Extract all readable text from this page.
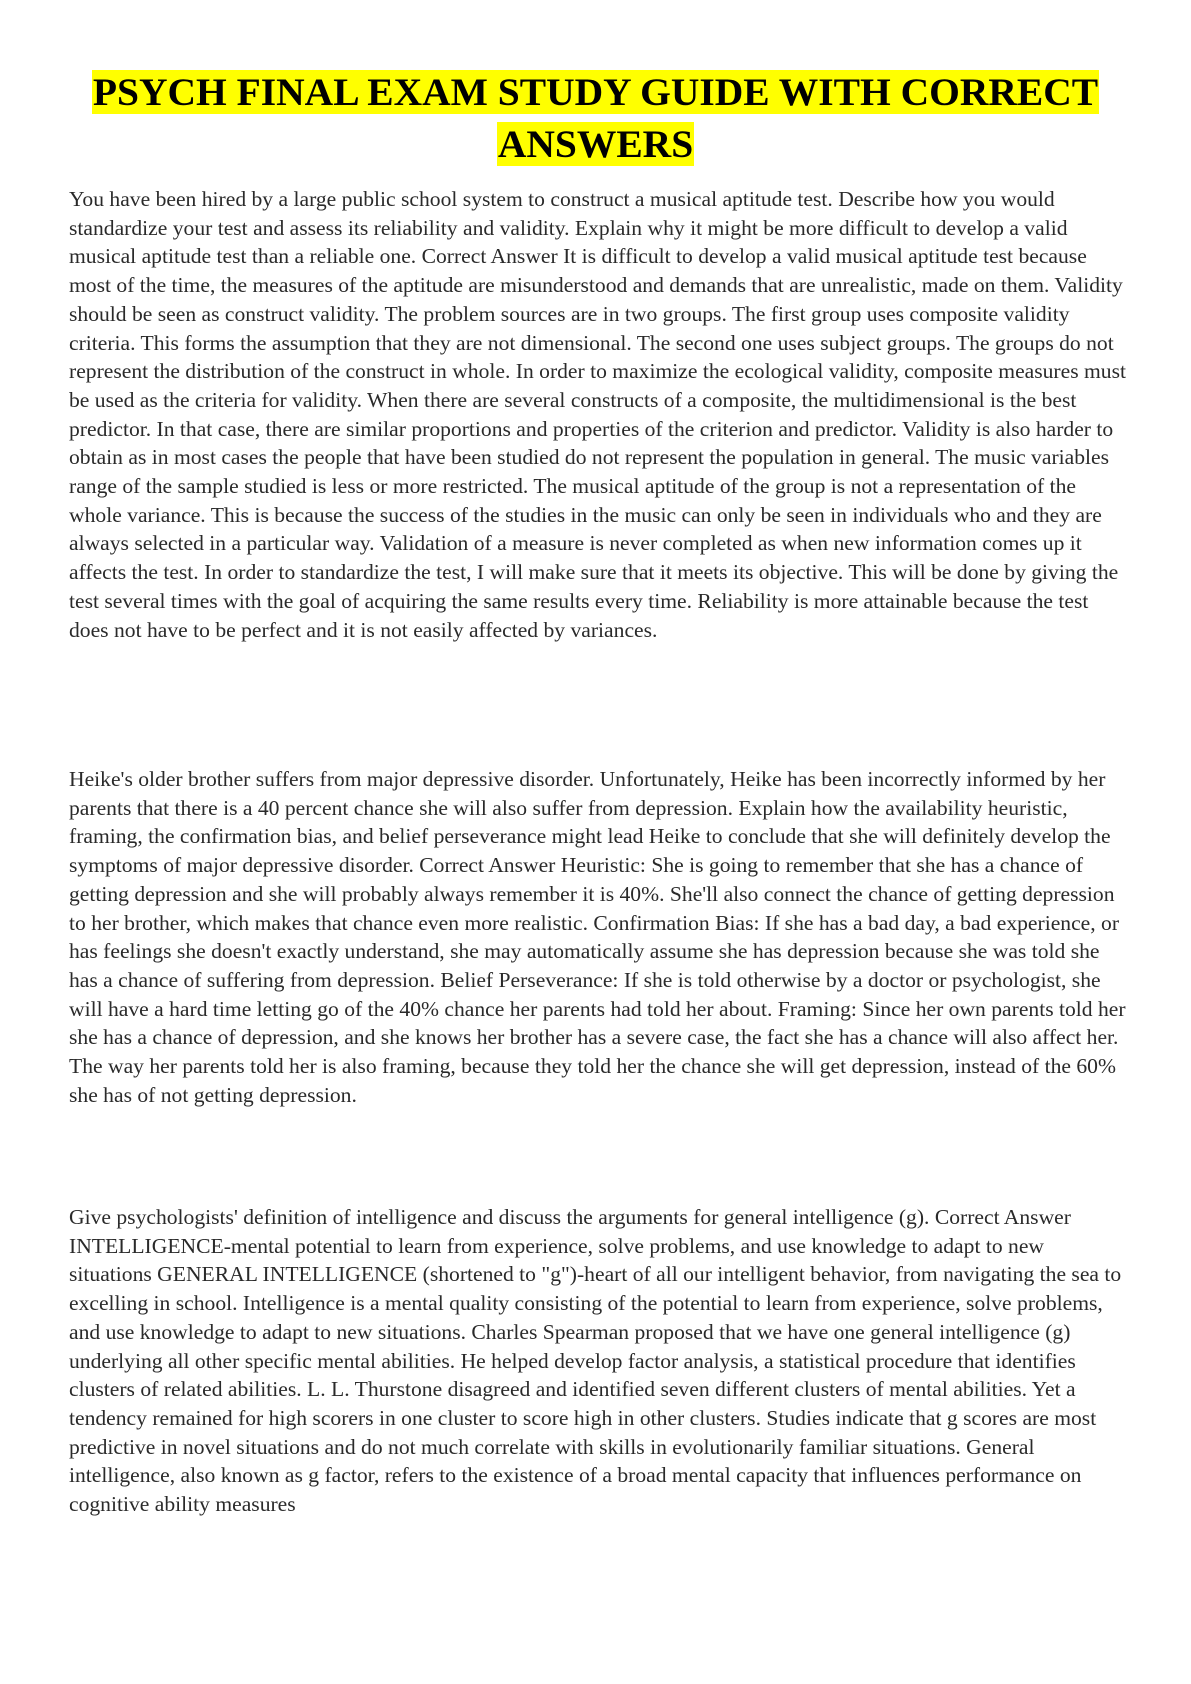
PSYCH FINAL EXAM STUDY GUIDE WITH CORRECT
ANSWERS

You have been hired by a large public school system to construct a musical aptitude test. Describe how you would standardize your test and assess its reliability and validity. Explain why it might be more difficult to develop a valid musical aptitude test than a reliable one. Correct Answer It is difficult to develop a valid musical aptitude test because most of the time, the measures of the aptitude are misunderstood and demands that are unrealistic, made on them. Validity should be seen as construct validity. The problem sources are in two groups. The first group uses composite validity criteria. This forms the assumption that they are not dimensional. The second one uses subject groups. The groups do not represent the distribution of the construct in whole. In order to maximize the ecological validity, composite measures must be used as the criteria for validity. When there are several constructs of a composite, the multidimensional is the best predictor. In that case, there are similar proportions and properties of the criterion and predictor. Validity is also harder to obtain as in most cases the people that have been studied do not represent the population in general. The music variables range of the sample studied is less or more restricted. The musical aptitude of the group is not a representation of the whole variance. This is because the success of the studies in the music can only be seen in individuals who and they are always selected in a particular way. Validation of a measure is never completed as when new information comes up it affects the test. In order to standardize the test, I will make sure that it meets its objective. This will be done by giving the test several times with the goal of acquiring the same results every time. Reliability is more attainable because the test does not have to be perfect and it is not easily affected by variances.

Heike's older brother suffers from major depressive disorder. Unfortunately, Heike has been incorrectly informed by her parents that there is a 40 percent chance she will also suffer from depression. Explain how the availability heuristic, framing, the confirmation bias, and belief perseverance might lead Heike to conclude that she will definitely develop the symptoms of major depressive disorder. Correct Answer Heuristic: She is going to remember that she has a chance of getting depression and she will probably always remember it is 40%. She'll also connect the chance of getting depression to her brother, which makes that chance even more realistic. Confirmation Bias: If she has a bad day, a bad experience, or has feelings she doesn't exactly understand, she may automatically assume she has depression because she was told she has a chance of suffering from depression. Belief Perseverance: If she is told otherwise by a doctor or psychologist, she will have a hard time letting go of the 40% chance her parents had told her about. Framing: Since her own parents told her she has a chance of depression, and she knows her brother has a severe case, the fact she has a chance will also affect her. The way her parents told her is also framing, because they told her the chance she will get depression, instead of the 60% she has of not getting depression.

Give psychologists' definition of intelligence and discuss the arguments for general intelligence (g). Correct Answer INTELLIGENCE-mental potential to learn from experience, solve problems, and use knowledge to adapt to new situations GENERAL INTELLIGENCE (shortened to "g")-heart of all our intelligent behavior, from navigating the sea to excelling in school. Intelligence is a mental quality consisting of the potential to learn from experience, solve problems, and use knowledge to adapt to new situations. Charles Spearman proposed that we have one general intelligence (g) underlying all other specific mental abilities. He helped develop factor analysis, a statistical procedure that identifies clusters of related abilities. L. L. Thurstone disagreed and identified seven different clusters of mental abilities. Yet a tendency remained for high scorers in one cluster to score high in other clusters. Studies indicate that g scores are most predictive in novel situations and do not much correlate with skills in evolutionarily familiar situations. General intelligence, also known as g factor, refers to the existence of a broad mental capacity that influences performance on cognitive ability measures
